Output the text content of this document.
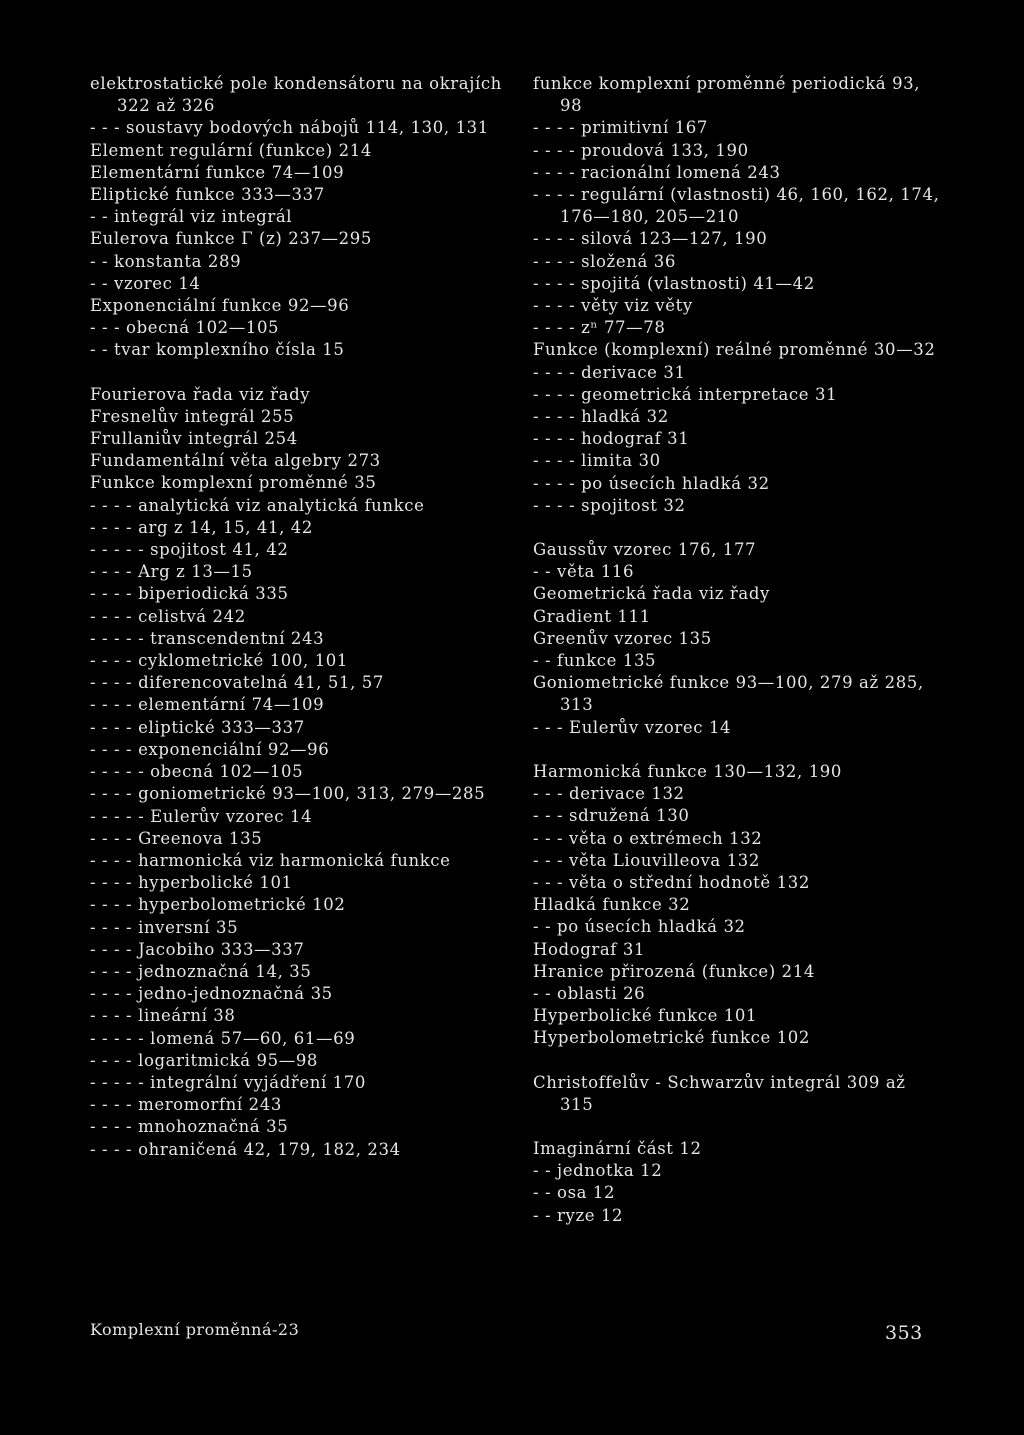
elektrostatické pole kondensátoru na okrajích 322 až 326
- - - soustavy bodových nábojů 114, 130, 131
Element regulární (funkce) 214
Elementární funkce 74—109
Eliptické funkce 333—337
- - integrál viz integrál
Eulerova funkce Γ (z) 237—295
- - konstanta 289
- - vzorec 14
Exponenciální funkce 92—96
- - - obecná 102—105
- - tvar komplexního čísla 15
Fourierova řada viz řady
Fresnelův integrál 255
Frullaniův integrál 254
Fundamentální věta algebry 273
Funkce komplexní proměnné 35
- - - - analytická viz analytická funkce
- - - - arg z 14, 15, 41, 42
- - - - - spojitost 41, 42
- - - - Arg z 13—15
- - - - biperiodická 335
- - - - celistvá 242
- - - - - transcendentní 243
- - - - cyklometrické 100, 101
- - - - diferencovatelná 41, 51, 57
- - - - elementární 74—109
- - - - eliptické 333—337
- - - - exponenciální 92—96
- - - - - obecná 102—105
- - - - goniometrické 93—100, 313, 279—285
- - - - - Eulerův vzorec 14
- - - - Greenova 135
- - - - harmonická viz harmonická funkce
- - - - hyperbolické 101
- - - - hyperbolometrické 102
- - - - inversní 35
- - - - Jacobiho 333—337
- - - - jednoznačná 14, 35
- - - - jedno-jednoznačná 35
- - - - lineární 38
- - - - - lomená 57—60, 61—69
- - - - logaritmická 95—98
- - - - - integrální vyjádření 170
- - - - meromorfní 243
- - - - mnohoznačná 35
- - - - ohraničená 42, 179, 182, 234
funkce komplexní proměnné periodická 93, 98
- - - - primitivní 167
- - - - proudová 133, 190
- - - - racionální lomená 243
- - - - regulární (vlastnosti) 46, 160, 162, 174, 176—180, 205—210
- - - - silová 123—127, 190
- - - - složená 36
- - - - spojitá (vlastnosti) 41—42
- - - - věty viz věty
- - - - zⁿ 77—78
Funkce (komplexní) reálné proměnné 30—32
- - - - derivace 31
- - - - geometrická interpretace 31
- - - - hladká 32
- - - - hodograf 31
- - - - limita 30
- - - - po úsecích hladká 32
- - - - spojitost 32
Gaussův vzorec 176, 177
- - věta 116
Geometrická řada viz řady
Gradient 111
Greenův vzorec 135
- - funkce 135
Goniometrické funkce 93—100, 279 až 285, 313
- - - Eulerův vzorec 14
Harmonická funkce 130—132, 190
- - - derivace 132
- - - sdružená 130
- - - věta o extrémech 132
- - - věta Liouvilleova 132
- - - věta o střední hodnotě 132
Hladká funkce 32
- - po úsecích hladká 32
Hodograf 31
Hranice přirozená (funkce) 214
- - oblasti 26
Hyperbolické funkce 101
Hyperbolometrické funkce 102
Christoffelův - Schwarzův integrál 309 až 315
Imaginární část 12
- - jednotka 12
- - osa 12
- - ryze 12
Komplexní proměnná-23	353
